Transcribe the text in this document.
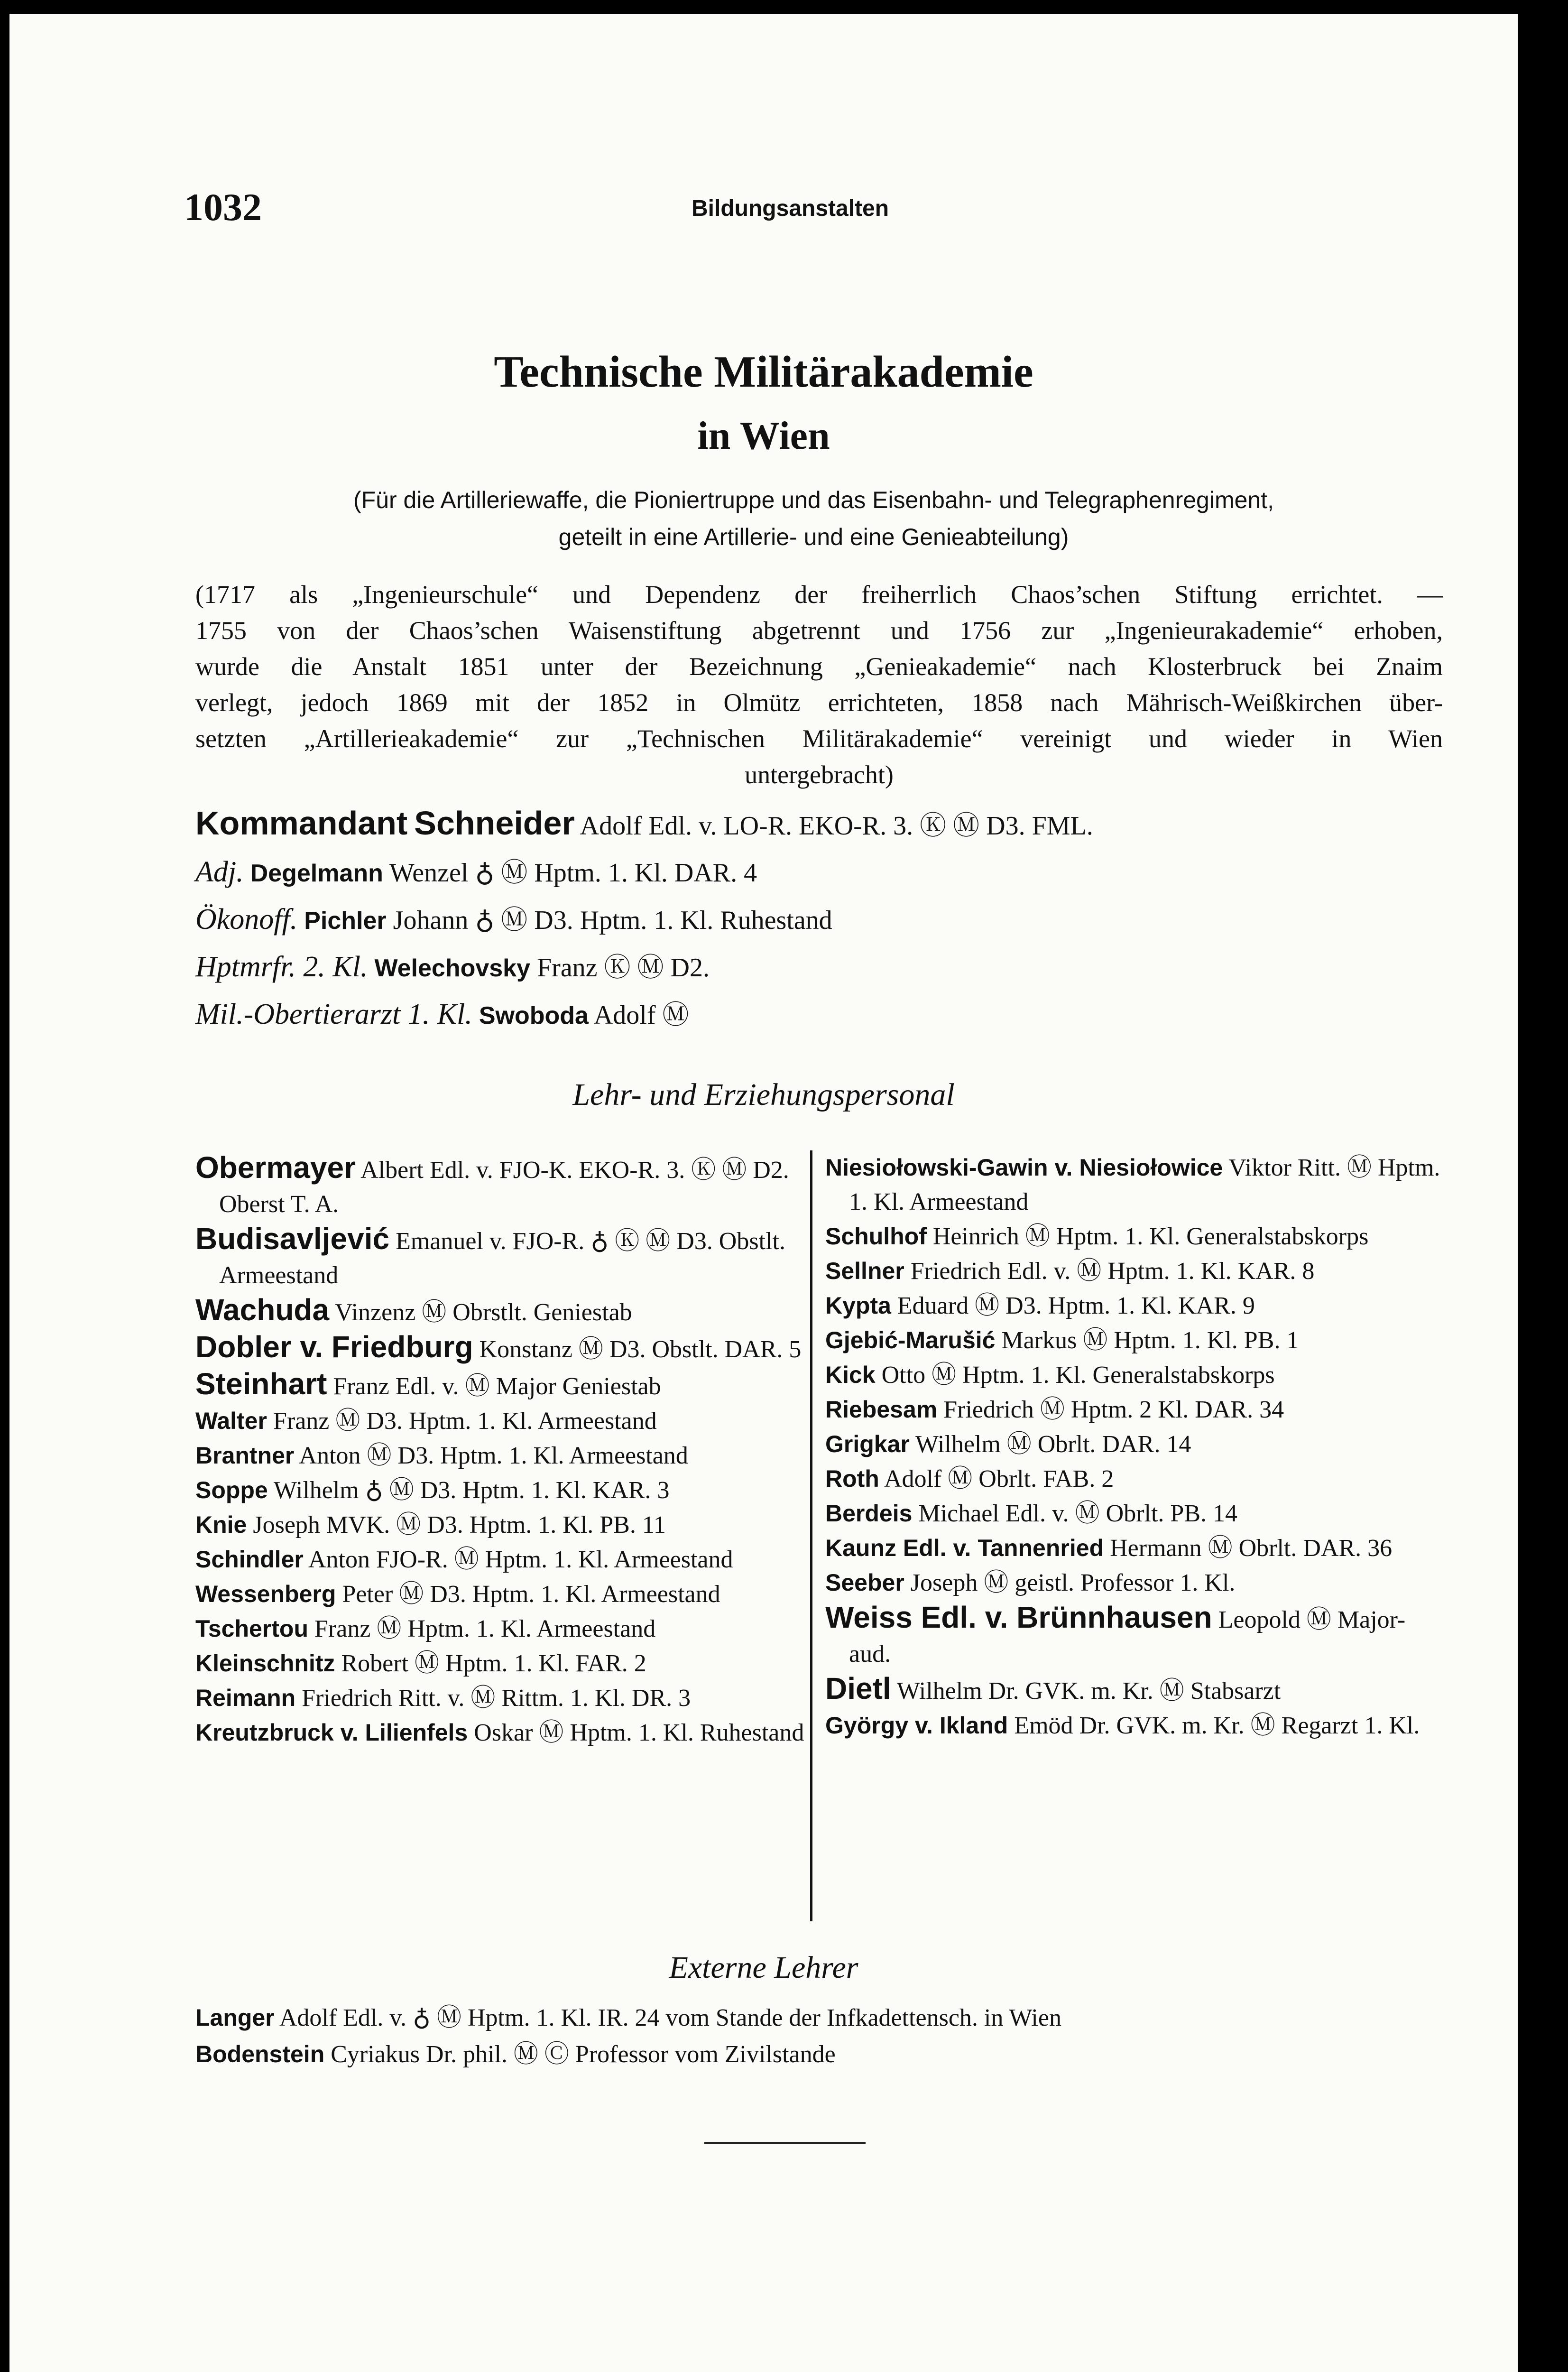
1032	Bildungsanstalten
Technische Militärakademie
in Wien
(Für die Artilleriewaffe, die Pioniertruppe und das Eisenbahn- und Telegraphenregiment,
geteilt in eine Artillerie- und eine Genieabteilung)
(1717 als „Ingenieurschule“ und Dependenz der freiherrlich Chaos’schen Stiftung errichtet. —
1755 von der Chaos’schen Waisenstiftung abgetrennt und 1756 zur „Ingenieurakademie“ erhoben,
wurde die Anstalt 1851 unter der Bezeichnung „Genieakademie“ nach Klosterbruck bei Znaim
verlegt, jedoch 1869 mit der 1852 in Olmütz errichteten, 1858 nach Mährisch-Weißkirchen über-
setzten „Artillerieakademie“ zur „Technischen Militärakademie“ vereinigt und wieder in Wien
untergebracht)
Kommandant Schneider Adolf Edl. v. LO-R. EKO-R. 3. Ⓚ Ⓜ D3. FML.
Adj. Degelmann Wenzel ♁ Ⓜ Hptm. 1. Kl. DAR. 4
Ökonoff. Pichler Johann ♁ Ⓜ D3. Hptm. 1. Kl. Ruhestand
Hptmrfr. 2. Kl. Welechovsky Franz Ⓚ Ⓜ D2.
Mil.-Obertierarzt 1. Kl. Swoboda Adolf Ⓜ
Lehr- und Erziehungspersonal
Obermayer Albert Edl. v. FJO-K. EKO-R. 3. Ⓚ Ⓜ D2. Oberst T. A.
Budisavljević Emanuel v. FJO-R. ♁ Ⓚ Ⓜ D3. Obstlt. Armeestand
Wachuda Vinzenz Ⓜ Obrstlt. Geniestab
Dobler v. Friedburg Konstanz Ⓜ D3. Obstlt. DAR. 5
Steinhart Franz Edl. v. Ⓜ Major Geniestab
Walter Franz Ⓜ D3. Hptm. 1. Kl. Armeestand
Brantner Anton Ⓜ D3. Hptm. 1. Kl. Armeestand
Soppe Wilhelm ♁ Ⓜ D3. Hptm. 1. Kl. KAR. 3
Knie Joseph MVK. Ⓜ D3. Hptm. 1. Kl. PB. 11
Schindler Anton FJO-R. Ⓜ Hptm. 1. Kl. Armeestand
Wessenberg Peter Ⓜ D3. Hptm. 1. Kl. Armeestand
Tschertou Franz Ⓜ Hptm. 1. Kl. Armeestand
Kleinschnitz Robert Ⓜ Hptm. 1. Kl. FAR. 2
Reimann Friedrich Ritt. v. Ⓜ Rittm. 1. Kl. DR. 3
Kreutzbruck v. Lilienfels Oskar Ⓜ Hptm. 1. Kl. Ruhestand
Niesiołowski-Gawin v. Niesiołowice Viktor Ritt. Ⓜ Hptm. 1. Kl. Armeestand
Schulhof Heinrich Ⓜ Hptm. 1. Kl. Generalstabskorps
Sellner Friedrich Edl. v. Ⓜ Hptm. 1. Kl. KAR. 8
Kypta Eduard Ⓜ D3. Hptm. 1. Kl. KAR. 9
Gjebić-Marušić Markus Ⓜ Hptm. 1. Kl. PB. 1
Kick Otto Ⓜ Hptm. 1. Kl. Generalstabskorps
Riebesam Friedrich Ⓜ Hptm. 2 Kl. DAR. 34
Grigkar Wilhelm Ⓜ Obrlt. DAR. 14
Roth Adolf Ⓜ Obrlt. FAB. 2
Berdeis Michael Edl. v. Ⓜ Obrlt. PB. 14
Kaunz Edl. v. Tannenried Hermann Ⓜ Obrlt. DAR. 36
Seeber Joseph Ⓜ geistl. Professor 1. Kl.
Weiss Edl. v. Brünnhausen Leopold Ⓜ Major-aud.
Dietl Wilhelm Dr. GVK. m. Kr. Ⓜ Stabsarzt
György v. Ikland Emöd Dr. GVK. m. Kr. Ⓜ Regarzt 1. Kl.
Externe Lehrer
Langer Adolf Edl. v. ♁ Ⓜ Hptm. 1. Kl. IR. 24 vom Stande der Infkadettensch. in Wien
Bodenstein Cyriakus Dr. phil. Ⓜ Ⓒ Professor vom Zivilstande
